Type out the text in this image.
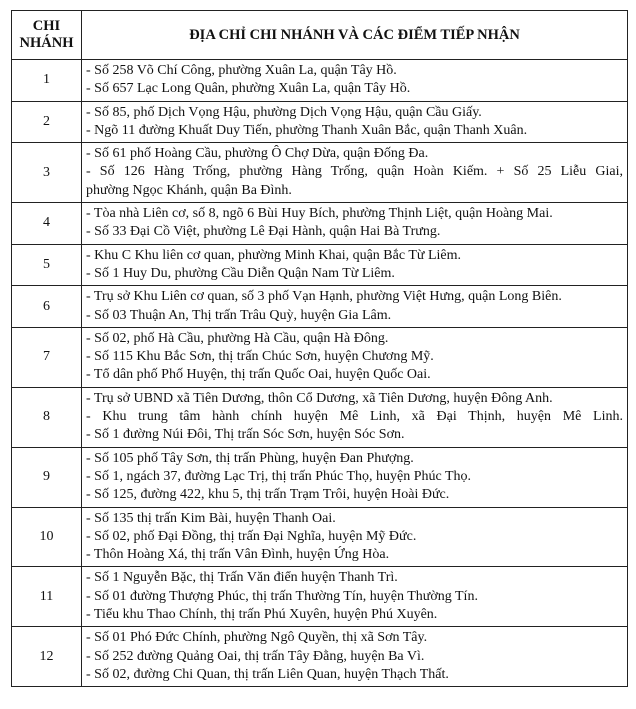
CHI
NHÁNH	ĐỊA CHỈ CHI NHÁNH VÀ CÁC ĐIỂM TIẾP NHẬN
1	- Số 258 Võ Chí Công, phường Xuân La, quận Tây Hồ.
- Số 657 Lạc Long Quân, phường Xuân La, quận Tây Hồ.

2	- Số 85, phố Dịch Vọng Hậu, phường Dịch Vọng Hậu, quận Cầu Giấy.
- Ngõ 11 đường Khuất Duy Tiến, phường Thanh Xuân Bắc, quận Thanh Xuân.

3	- Số 61 phố Hoàng Cầu, phường Ô Chợ Dừa, quận Đống Đa.
- Số 126 Hàng Trống, phường Hàng Trống, quận Hoàn Kiếm. + Số 25 Liễu Giai,
phường Ngọc Khánh, quận Ba Đình.

4	- Tòa nhà Liên cơ, số 8, ngõ 6 Bùi Huy Bích, phường Thịnh Liệt, quận Hoàng Mai.
- Số 33 Đại Cồ Việt, phường Lê Đại Hành, quận Hai Bà Trưng.

5	- Khu C Khu liên cơ quan, phường Minh Khai, quận Bắc Từ Liêm.
- Số 1 Huy Du, phường Cầu Diễn Quận Nam Từ Liêm.

6	- Trụ sở Khu Liên cơ quan, số 3 phố Vạn Hạnh, phường Việt Hưng, quận Long Biên.
- Số 03 Thuận An, Thị trấn Trâu Quỳ, huyện Gia Lâm.

7	- Số 02, phố Hà Cầu, phường Hà Cầu, quận Hà Đông.
- Số 115 Khu Bắc Sơn, thị trấn Chúc Sơn, huyện Chương Mỹ.
- Tổ dân phố Phố Huyện, thị trấn Quốc Oai, huyện Quốc Oai.

8	- Trụ sở UBND xã Tiên Dương, thôn Cổ Dương, xã Tiên Dương, huyện Đông Anh.
- Khu trung tâm hành chính huyện Mê Linh, xã Đại Thịnh, huyện Mê Linh.
- Số 1 đường Núi Đôi, Thị trấn Sóc Sơn, huyện Sóc Sơn.

9	- Số 105 phố Tây Sơn, thị trấn Phùng, huyện Đan Phượng.
- Số 1, ngách 37, đường Lạc Trị, thị trấn Phúc Thọ, huyện Phúc Thọ.
- Số 125, đường 422, khu 5, thị trấn Trạm Trôi, huyện Hoài Đức.

10	- Số 135 thị trấn Kim Bài, huyện Thanh Oai.
- Số 02, phố Đại Đồng, thị trấn Đại Nghĩa, huyện Mỹ Đức.
- Thôn Hoàng Xá, thị trấn Vân Đình, huyện Ứng Hòa.

11	- Số 1 Nguyễn Bặc, thị Trấn Văn điển huyện Thanh Trì.
- Số 01 đường Thượng Phúc, thị trấn Thường Tín, huyện Thường Tín.
- Tiểu khu Thao Chính, thị trấn Phú Xuyên, huyện Phú Xuyên.

12	- Số 01 Phó Đức Chính, phường Ngô Quyền, thị xã Sơn Tây.
- Số 252 đường Quảng Oai, thị trấn Tây Đằng, huyện Ba Vì.
- Số 02, đường Chi Quan, thị trấn Liên Quan, huyện Thạch Thất.
